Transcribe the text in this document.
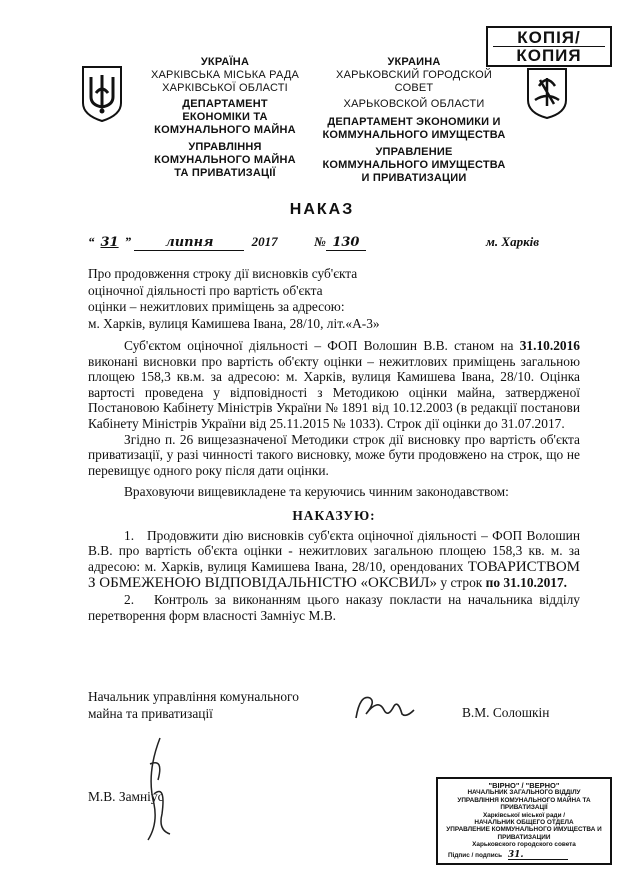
КОПІЯ/
КОПИЯ
УКРАЇНА
ХАРКІВСЬКА МІСЬКА РАДА
ХАРКІВСЬКОЇ ОБЛАСТІ
ДЕПАРТАМЕНТ
ЕКОНОМІКИ ТА
КОМУНАЛЬНОГО МАЙНА
УПРАВЛІННЯ
КОМУНАЛЬНОГО МАЙНА
ТА ПРИВАТИЗАЦІЇ
УКРАИНА
ХАРЬКОВСКИЙ ГОРОДСКОЙ
СОВЕТ
ХАРЬКОВСКОЙ ОБЛАСТИ
ДЕПАРТАМЕНТ ЭКОНОМИКИ И
КОММУНАЛЬНОГО ИМУЩЕСТВА
УПРАВЛЕНИЕ
КОММУНАЛЬНОГО ИМУЩЕСТВА
И ПРИВАТИЗАЦИИ
НАКАЗ
“ 31 ”	липня	2017	№ 130	м. Харків
Про продовження строку дії висновків суб'єкта
оціночної діяльності про вартість об'єкта
оцінки – нежитлових приміщень за адресою:
м. Харків, вулиця Камишева Івана, 28/10, літ.«А-3»

Суб'єктом оціночної діяльності – ФОП Волошин В.В. станом на 31.10.2016 виконані висновки про вартість об'єкту оцінки – нежитлових приміщень загальною площею 158,3 кв.м. за адресою: м. Харків, вулиця Камишева Івана, 28/10. Оцінка вартості проведена у відповідності з Методикою оцінки майна, затвердженої Постановою Кабінету Міністрів України № 1891 від 10.12.2003 (в редакції постанови Кабінету Міністрів України від 25.11.2015 № 1033). Строк дії оцінки до 31.07.2017.

Згідно п. 26 вищезазначеної Методики строк дії висновку про вартість об'єкта приватизації, у разі чинності такого висновку, може бути продовжено на строк, що не перевищує одного року після дати оцінки.

Враховуючи вищевикладене та керуючись чинним законодавством:

НАКАЗУЮ:

1. Продовжити дію висновків суб'єкта оціночної діяльності – ФОП Волошин В.В. про вартість об'єкта оцінки - нежитлових загальною площею 158,3 кв. м. за адресою: м. Харків, вулиця Камишева Івана, 28/10, орендованих ТОВАРИСТВОМ З ОБМЕЖЕНОЮ ВІДПОВІДАЛЬНІСТЮ «ОКСВИЛ» у строк по 31.10.2017.

2. Контроль за виконанням цього наказу покласти на начальника відділу перетворення форм власності Замніус М.В.

Начальник управління комунального
майна та приватизації	В.М. Солошкін
М.В. Замніус
"ВІРНО" / "ВЕРНО"
НАЧАЛЬНИК ЗАГАЛЬНОГО ВІДДІЛУ
УПРАВЛІННЯ КОМУНАЛЬНОГО МАЙНА ТА ПРИВАТИЗАЦІЇ
Харківської міської ради /
НАЧАЛЬНИК ОБЩЕГО ОТДЕЛА
УПРАВЛЕНИЕ КОММУНАЛЬНОГО ИМУЩЕСТВА И ПРИВАТИЗАЦИИ
Харьковского городского совета
Підпис / подпись 31.
